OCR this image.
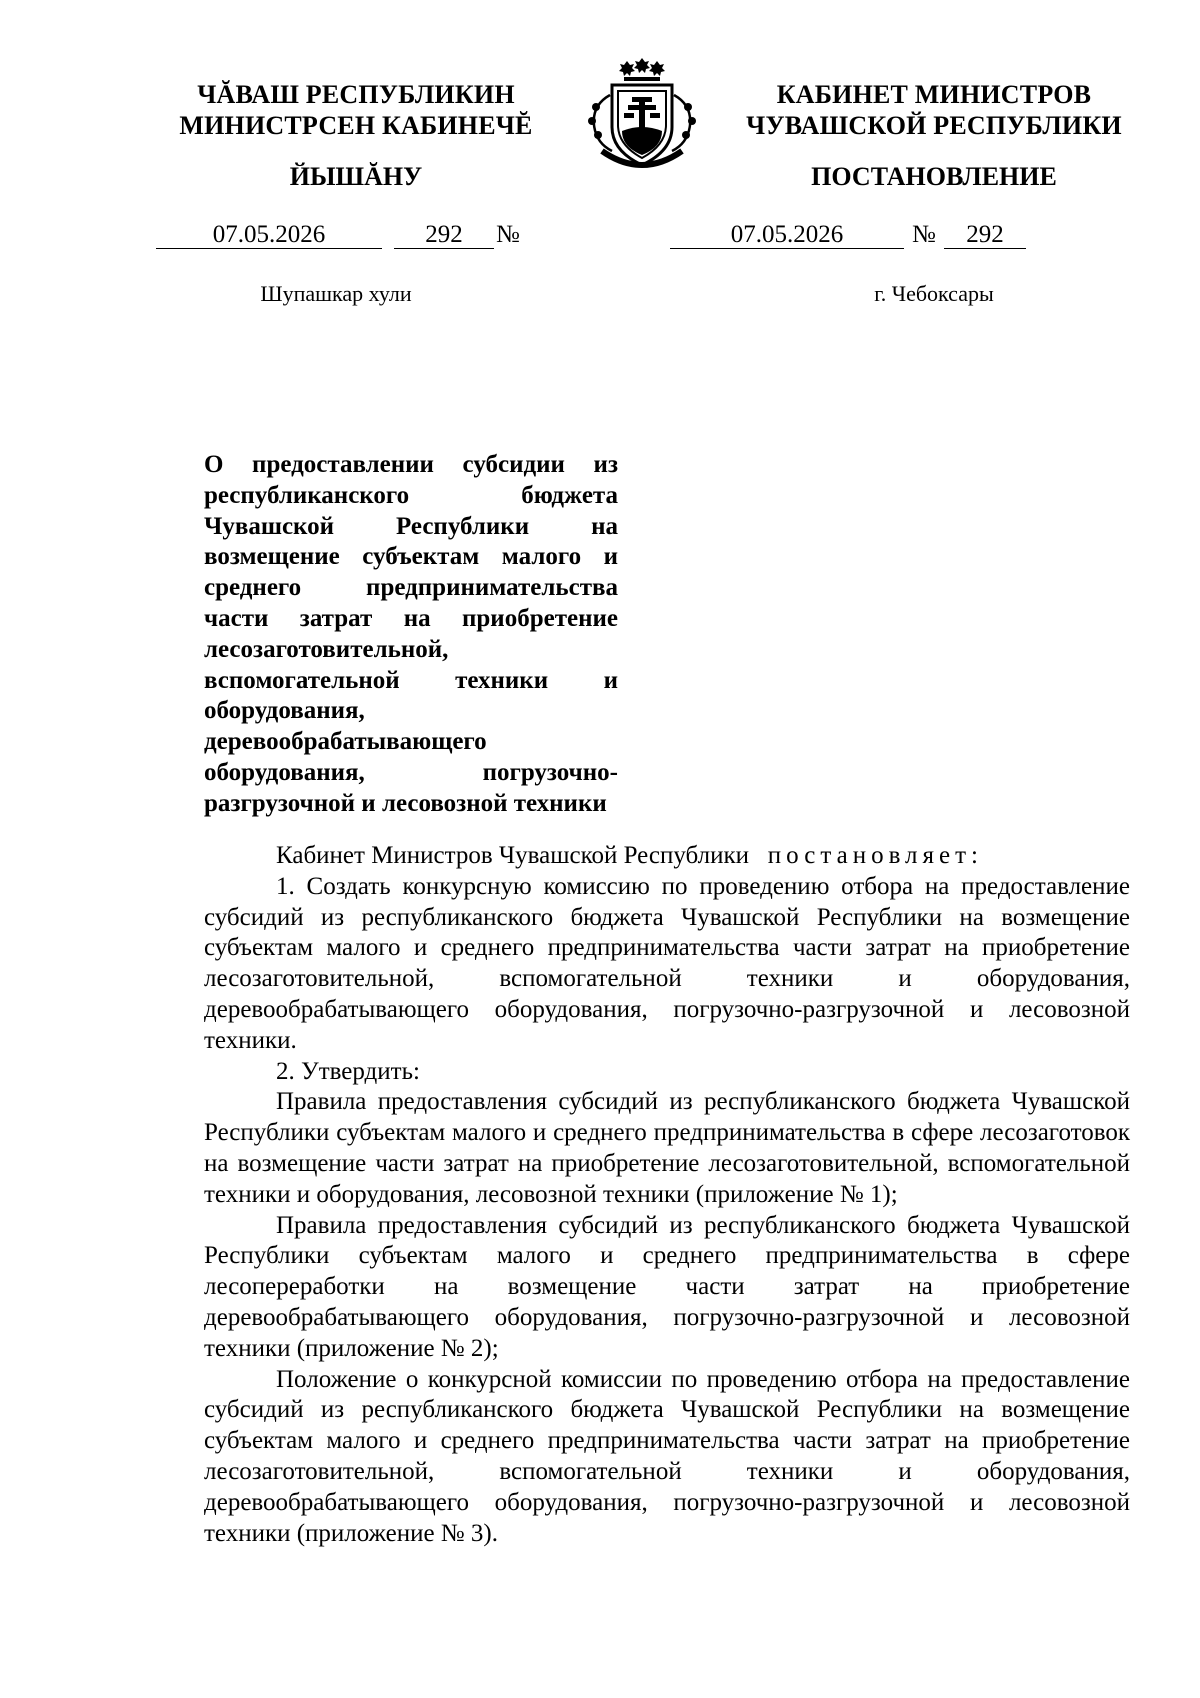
ЧĂВАШ РЕСПУБЛИКИН
МИНИСТРСЕН КАБИНЕЧĔ
ЙЫШĂНУ
КАБИНЕТ МИНИСТРОВ
ЧУВАШСКОЙ РЕСПУБЛИКИ
ПОСТАНОВЛЕНИЕ
07.05.2026	292	№	07.05.2026	№	292
Шупашкар хули	г. Чебоксары

О предоставлении субсидии из республиканского бюджета Чувашской Республики на возмещение субъектам малого и среднего предпринимательства части затрат на приобретение лесозаготовительной, вспомогательной техники и оборудования, деревообрабатывающего оборудования, погрузочно-разгрузочной и лесовозной техники

Кабинет Министров Чувашской Республики постановляет:

1. Создать конкурсную комиссию по проведению отбора на предоставление субсидий из республиканского бюджета Чувашской Республики на возмещение субъектам малого и среднего предпринимательства части затрат на приобретение лесозаготовительной, вспомогательной техники и оборудования, деревообрабатывающего оборудования, погрузочно-разгрузочной и лесовозной техники.

2. Утвердить:

Правила предоставления субсидий из республиканского бюджета Чувашской Республики субъектам малого и среднего предпринимательства в сфере лесозаготовок на возмещение части затрат на приобретение лесозаготовительной, вспомогательной техники и оборудования, лесовозной техники (приложение № 1);

Правила предоставления субсидий из республиканского бюджета Чувашской Республики субъектам малого и среднего предпринимательства в сфере лесопереработки на возмещение части затрат на приобретение деревообрабатывающего оборудования, погрузочно-разгрузочной и лесовозной техники (приложение № 2);

Положение о конкурсной комиссии по проведению отбора на предоставление субсидий из республиканского бюджета Чувашской Республики на возмещение субъектам малого и среднего предпринимательства части затрат на приобретение лесозаготовительной, вспомогательной техники и оборудования, деревообрабатывающего оборудования, погрузочно-разгрузочной и лесовозной техники (приложение № 3).
